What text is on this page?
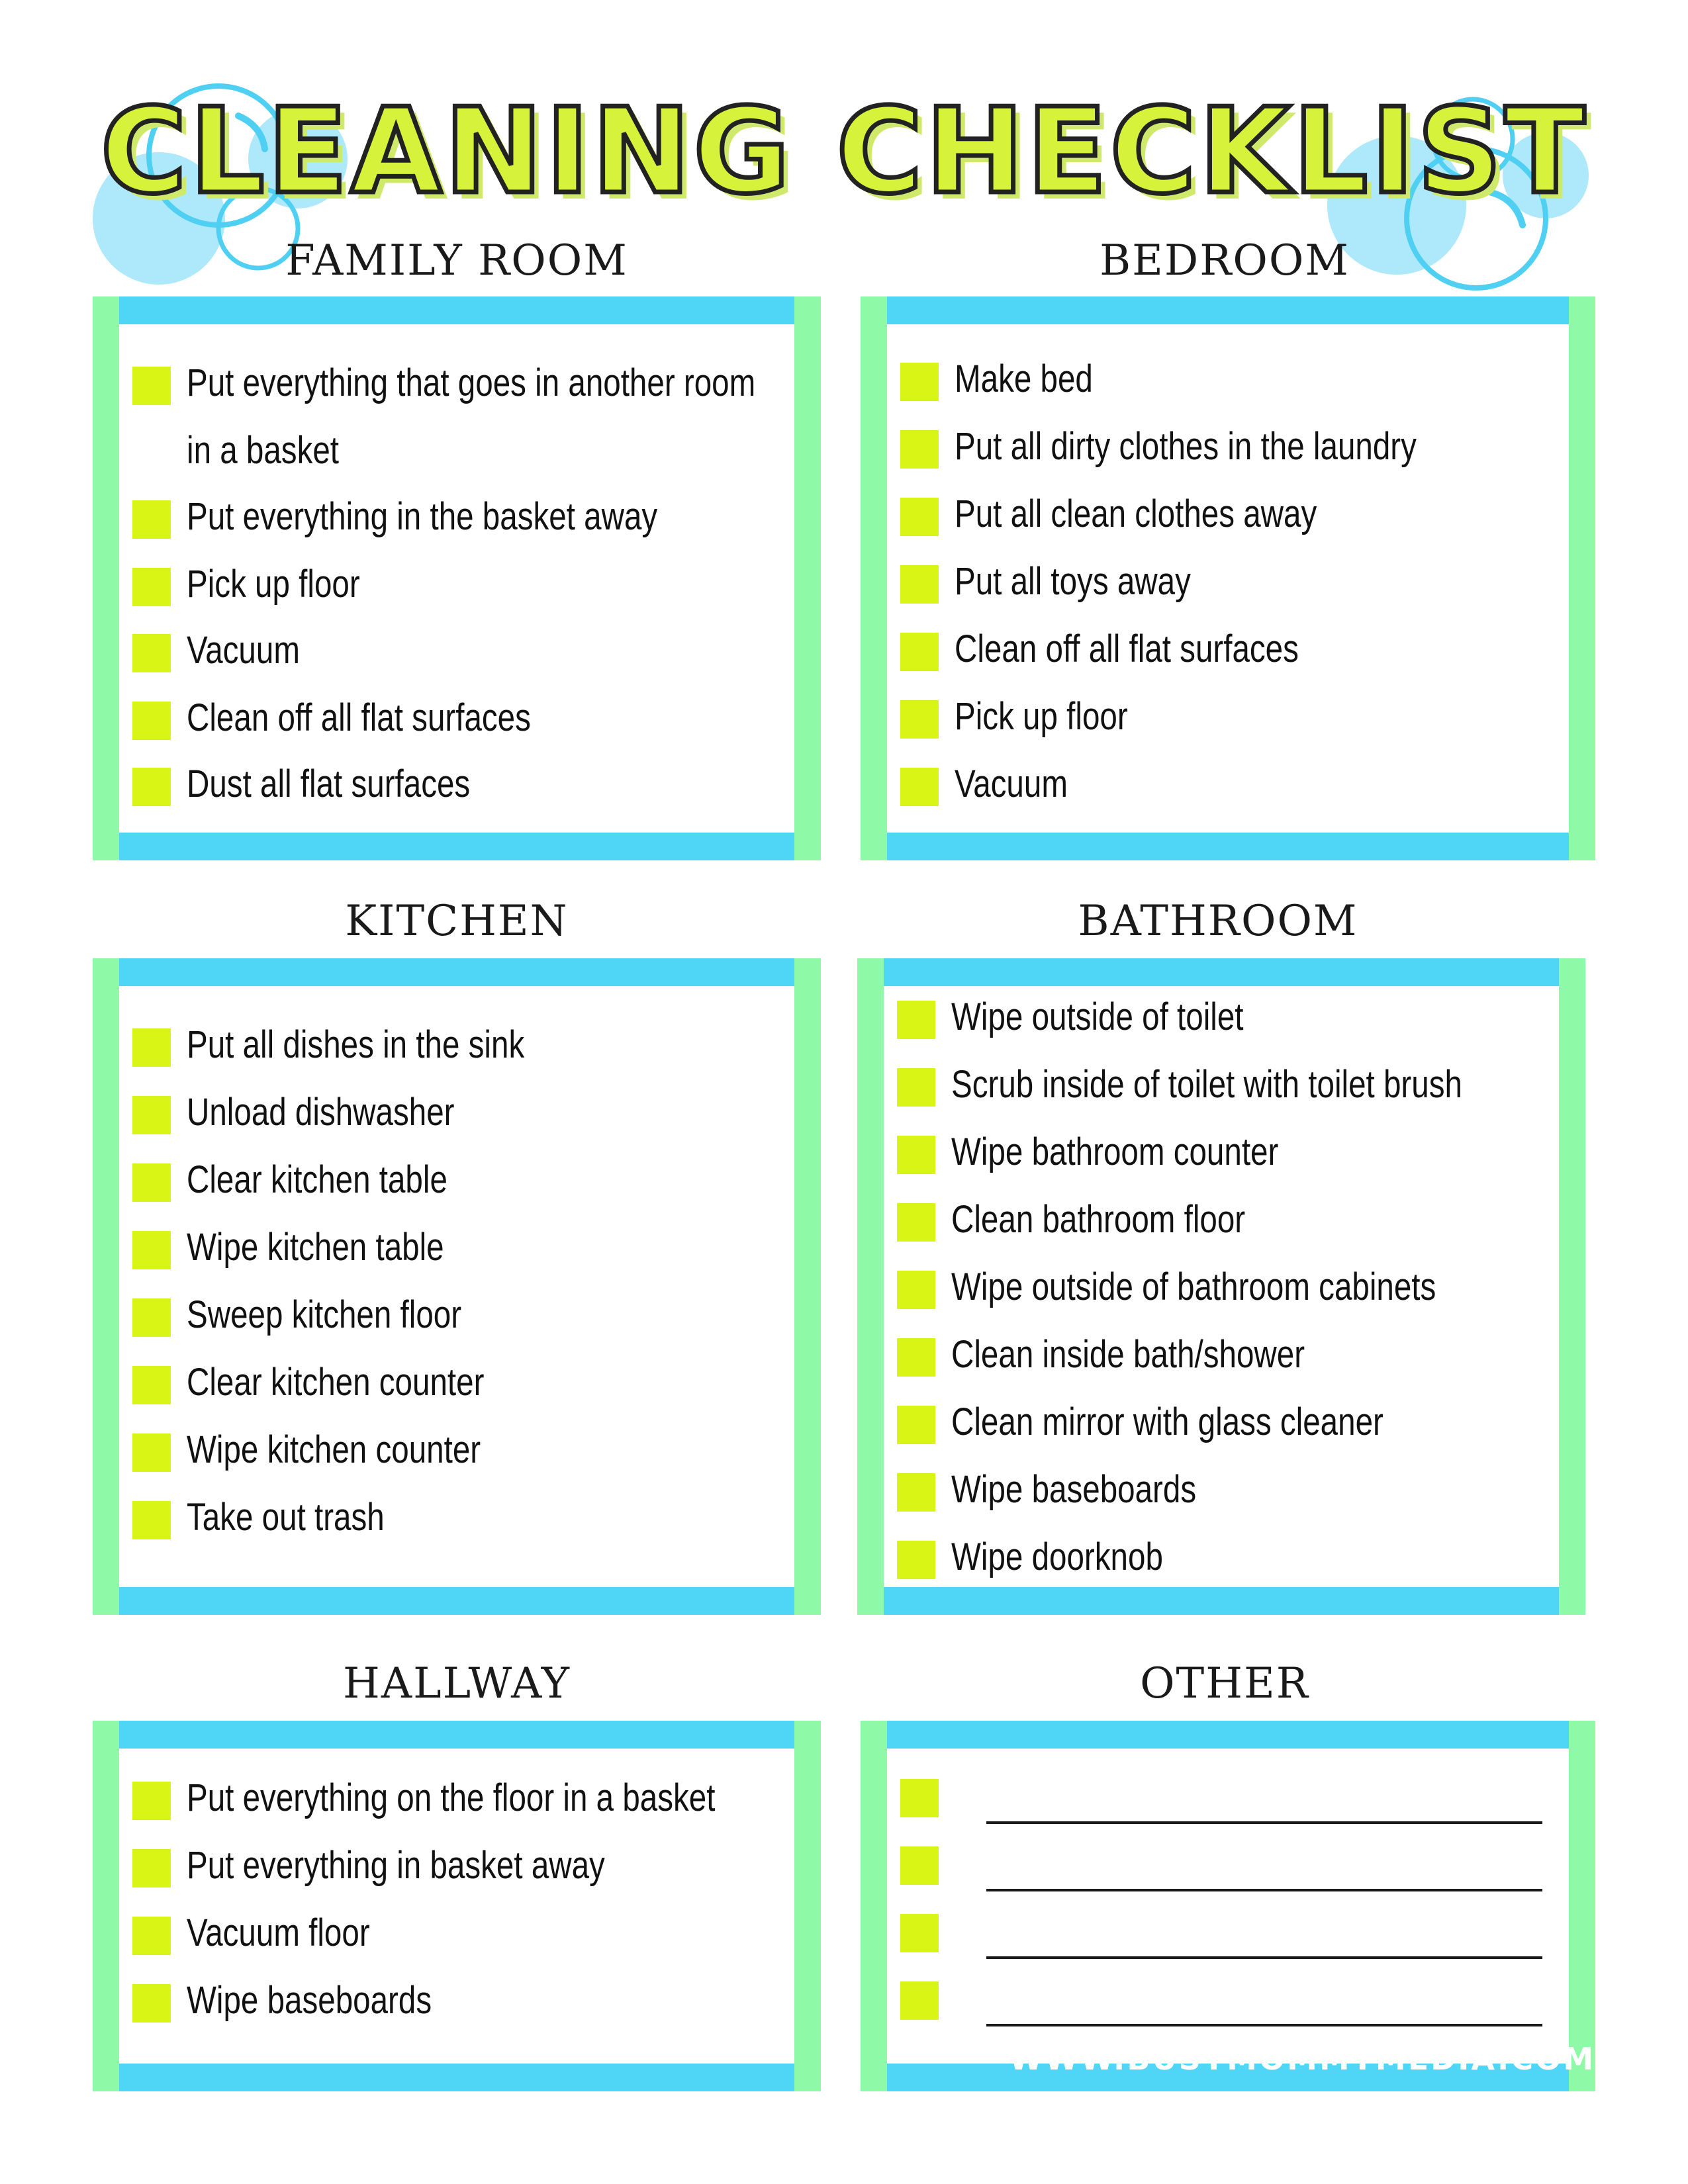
CLEANING CHECKLIST
FAMILY ROOM
Put everything that goes in another room
in a basket
Put everything in the basket away
Pick up floor
Vacuum
Clean off all flat surfaces
Dust all flat surfaces
BEDROOM
Make bed
Put all dirty clothes in the laundry
Put all clean clothes away
Put all toys away
Clean off all flat surfaces
Pick up floor
Vacuum
KITCHEN
Put all dishes in the sink
Unload dishwasher
Clear kitchen table
Wipe kitchen table
Sweep kitchen floor
Clear kitchen counter
Wipe kitchen counter
Take out trash
BATHROOM
Wipe outside of toilet
Scrub inside of toilet with toilet brush
Wipe bathroom counter
Clean bathroom floor
Wipe outside of bathroom cabinets
Clean inside bath/shower
Clean mirror with glass cleaner
Wipe baseboards
Wipe doorknob
HALLWAY
Put everything on the floor in a basket
Put everything in basket away
Vacuum floor
Wipe baseboards
OTHER
WWW.BUSYMOMMYMEDIA.COM
